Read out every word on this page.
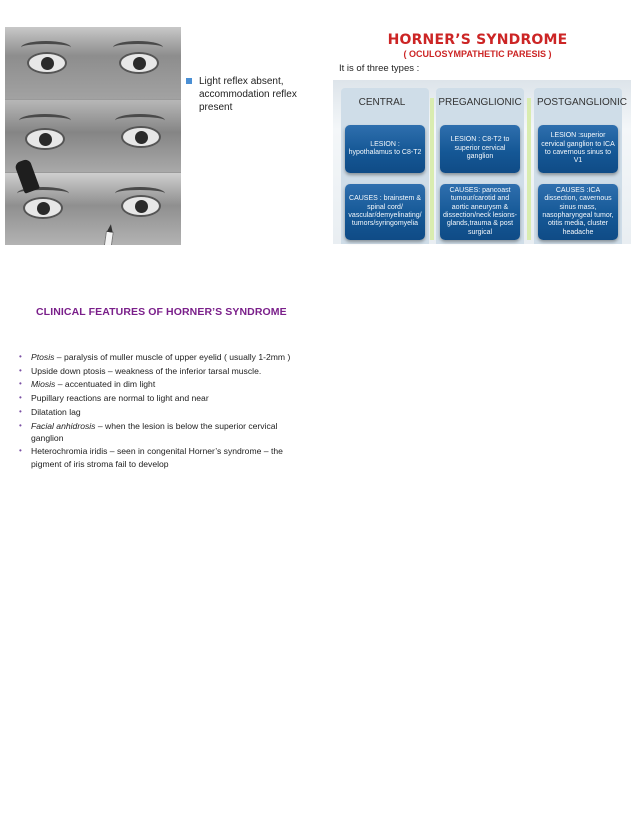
Light reflex absent, accommodation reflex present
HORNER’S SYNDROME
( OCULOSYMPATHETIC PARESIS )
It is of three types :
CENTRAL	PREGANGLIONIC	POSTGANGLIONIC
LESION : hypothalamus to C8-T2
LESION : C8-T2 to superior cervical ganglion
LESION :superior cervical ganglion to ICA to cavernous sinus to V1
CAUSES : brainstem & spinal cord/ vascular/demyelinating/ tumors/syringomyelia
CAUSES: pancoast tumour/carotid and aortic aneurysm & dissection/neck lesions- glands,trauma & post surgical
CAUSES :ICA dissection, cavernous sinus mass, nasopharyngeal tumor, otitis media, cluster headache
CLINICAL FEATURES OF HORNER’S SYNDROME
• Ptosis – paralysis of muller muscle of upper eyelid ( usually 1-2mm )
• Upside down ptosis – weakness of the inferior tarsal muscle.
• Miosis – accentuated in dim light
• Pupillary reactions are normal to light and near
• Dilatation lag
• Facial anhidrosis – when the lesion is below the superior cervical ganglion
• Heterochromia iridis – seen in congenital Horner’s syndrome – the pigment of iris stroma fail to develop
